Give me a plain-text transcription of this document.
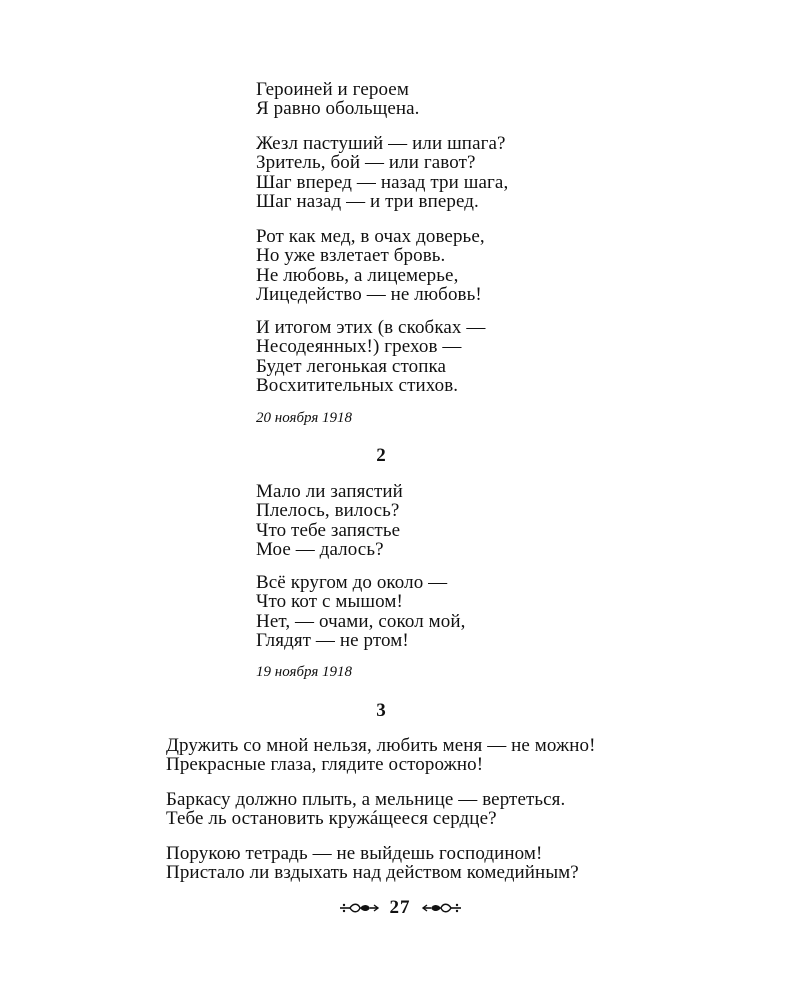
Героиней и героем
Я равно обольщена.
Жезл пастуший — или шпага?
Зритель, бой — или гавот?
Шаг вперед — назад три шага,
Шаг назад — и три вперед.
Рот как мед, в очах доверье,
Но уже взлетает бровь.
Не любовь, а лицемерье,
Лицедейство — не любовь!
И итогом этих (в скобках —
Несодеянных!) грехов —
Будет легонькая стопка
Восхитительных стихов.
20 ноября 1918
2
Мало ли запястий
Плелось, вилось?
Что тебе запястье
Мое — далось?
Всё кругом до около —
Что кот с мышом!
Нет, — очами, сокол мой,
Глядят — не ртом!
19 ноября 1918
3
Дружить со мной нельзя, любить меня — не можно!
Прекрасные глаза, глядите осторожно!
Баркасу должно плыть, а мельнице — вертеться.
Тебе ль остановить кружáщееся сердце?
Порукою тетрадь — не выйдешь господином!
Пристало ли вздыхать над действом комедийным?
27
